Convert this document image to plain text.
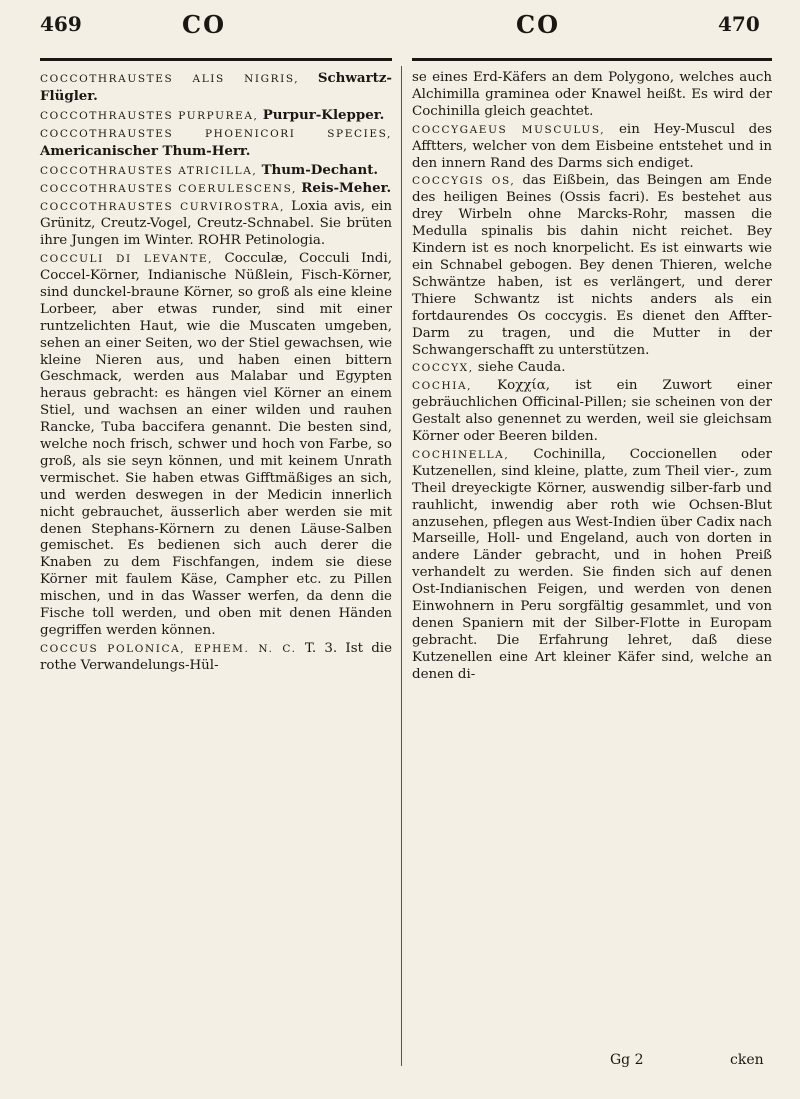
469	CO	CO	470

COCCOTHRAUSTES ALIS NIGRIS, Schwartz-Flügler.

COCCOTHRAUSTES PURPUREA, Purpur-Klepper.

COCCOTHRAUSTES PHOENICORI SPECIES, Americanischer Thum-Herr.

COCCOTHRAUSTES ATRICILLA, Thum-Dechant.

COCCOTHRAUSTES COERULESCENS, Reis-Meher.

COCCOTHRAUSTES CURVIROSTRA, Loxia avis, ein Grünitz, Creutz-Vogel, Creutz-Schnabel. Sie brüten ihre Jungen im Winter. ROHR Petinologia.

COCCULI DI LEVANTE, Cocculæ, Cocculi Indi, Coccel-Körner, Indianische Nüßlein, Fisch-Körner, sind dunckel-braune Körner, so groß als eine kleine Lorbeer, aber etwas runder, sind mit einer runtzelichten Haut, wie die Muscaten umgeben, sehen an einer Seiten, wo der Stiel gewachsen, wie kleine Nieren aus, und haben einen bittern Geschmack, werden aus Malabar und Egypten heraus gebracht: es hängen viel Körner an einem Stiel, und wachsen an einer wilden und rauhen Rancke, Tuba baccifera genannt. Die besten sind, welche noch frisch, schwer und hoch von Farbe, so groß, als sie seyn können, und mit keinem Unrath vermischet. Sie haben etwas Gifftmäßiges an sich, und werden deswegen in der Medicin innerlich nicht gebrauchet, äusserlich aber werden sie mit denen Stephans-Körnern zu denen Läuse-Salben gemischet. Es bedienen sich auch derer die Knaben zu dem Fischfangen, indem sie diese Körner mit faulem Käse, Campher etc. zu Pillen mischen, und in das Wasser werfen, da denn die Fische toll werden, und oben mit denen Händen gegriffen werden können.

COCCUS POLONICA, EPHEM. N. C. T. 3. Ist die rothe Verwandelungs-Hül-

se eines Erd-Käfers an dem Polygono, welches auch Alchimilla graminea oder Knawel heißt. Es wird der Cochinilla gleich geachtet.

COCCYGAEUS MUSCULUS, ein Hey-Muscul des Afftters, welcher von dem Eisbeine entstehet und in den innern Rand des Darms sich endiget.

COCCYGIS OS, das Eißbein, das Beingen am Ende des heiligen Beines (Ossis facri). Es bestehet aus drey Wirbeln ohne Marcks-Rohr, massen die Medulla spinalis bis dahin nicht reichet. Bey Kindern ist es noch knorpelicht. Es ist einwarts wie ein Schnabel gebogen. Bey denen Thieren, welche Schwäntze haben, ist es verlängert, und derer Thiere Schwantz ist nichts anders als ein fortdaurendes Os coccygis. Es dienet den Affter-Darm zu tragen, und die Mutter in der Schwangerschafft zu unterstützen.

COCCYX, siehe Cauda.

COCHIA, Κοχχία, ist ein Zuwort einer gebräuchlichen Officinal-Pillen; sie scheinen von der Gestalt also genennet zu werden, weil sie gleichsam Körner oder Beeren bilden.

COCHINELLA, Cochinilla, Coccionellen oder Kutzenellen, sind kleine, platte, zum Theil vier-, zum Theil dreyeckigte Körner, auswendig silber-farb und rauhlicht, inwendig aber roth wie Ochsen-Blut anzusehen, pflegen aus West-Indien über Cadix nach Marseille, Holl- und Engeland, auch von dorten in andere Länder gebracht, und in hohen Preiß verhandelt zu werden. Sie finden sich auf denen Ost-Indianischen Feigen, und werden von denen Einwohnern in Peru sorgfältig gesammlet, und von denen Spaniern mit der Silber-Flotte in Europam gebracht. Die Erfahrung lehret, daß diese Kutzenellen eine Art kleiner Käfer sind, welche an denen di-

Gg 2	cken
